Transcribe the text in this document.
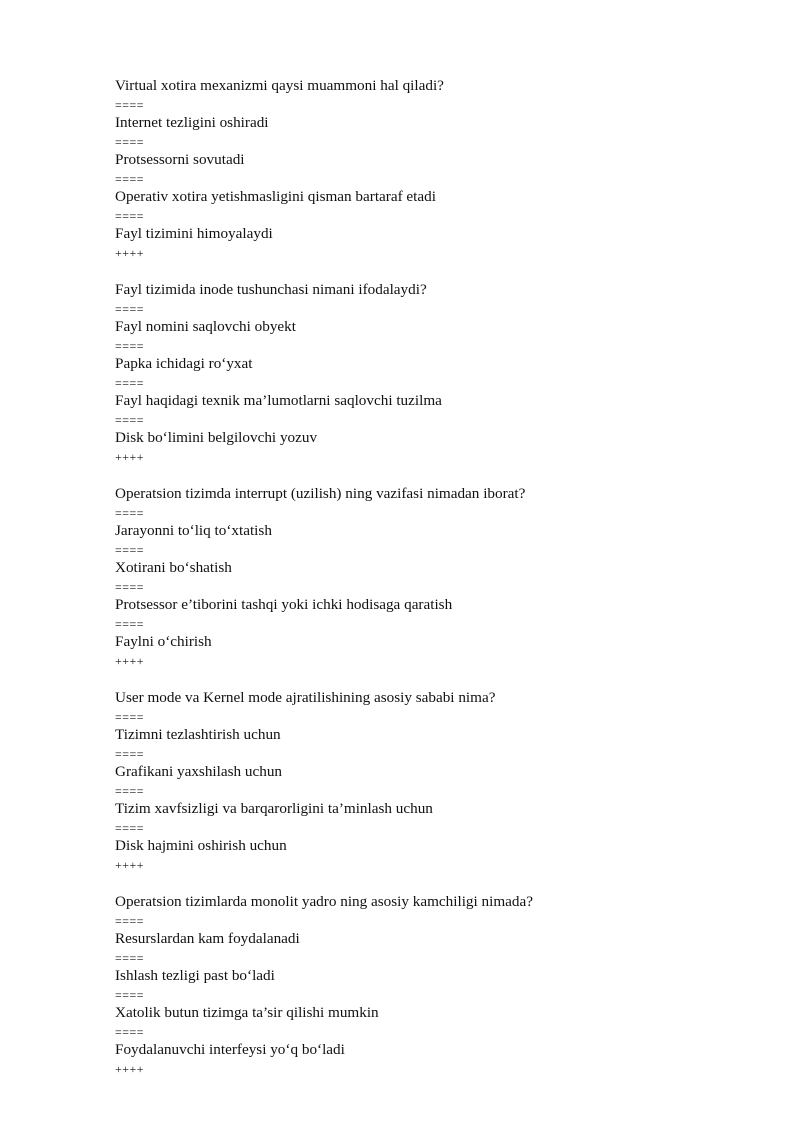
Virtual xotira mexanizmi qaysi muammoni hal qiladi?
====
Internet tezligini oshiradi
====
Protsessorni sovutadi
====
Operativ xotira yetishmasligini qisman bartaraf etadi
====
Fayl tizimini himoyalaydi
++++
Fayl tizimida inode tushunchasi nimani ifodalaydi?
====
Fayl nomini saqlovchi obyekt
====
Papka ichidagi ro‘yxat
====
Fayl haqidagi texnik ma’lumotlarni saqlovchi tuzilma
====
Disk bo‘limini belgilovchi yozuv
++++
Operatsion tizimda interrupt (uzilish) ning vazifasi nimadan iborat?
====
Jarayonni to‘liq to‘xtatish
====
Xotirani bo‘shatish
====
Protsessor e’tiborini tashqi yoki ichki hodisaga qaratish
====
Faylni o‘chirish
++++
User mode va Kernel mode ajratilishining asosiy sababi nima?
====
Tizimni tezlashtirish uchun
====
Grafikani yaxshilash uchun
====
Tizim xavfsizligi va barqarorligini ta’minlash uchun
====
Disk hajmini oshirish uchun
++++
Operatsion tizimlarda monolit yadro ning asosiy kamchiligi nimada?
====
Resurslardan kam foydalanadi
====
Ishlash tezligi past bo‘ladi
====
Xatolik butun tizimga ta’sir qilishi mumkin
====
Foydalanuvchi interfeysi yo‘q bo‘ladi
++++
